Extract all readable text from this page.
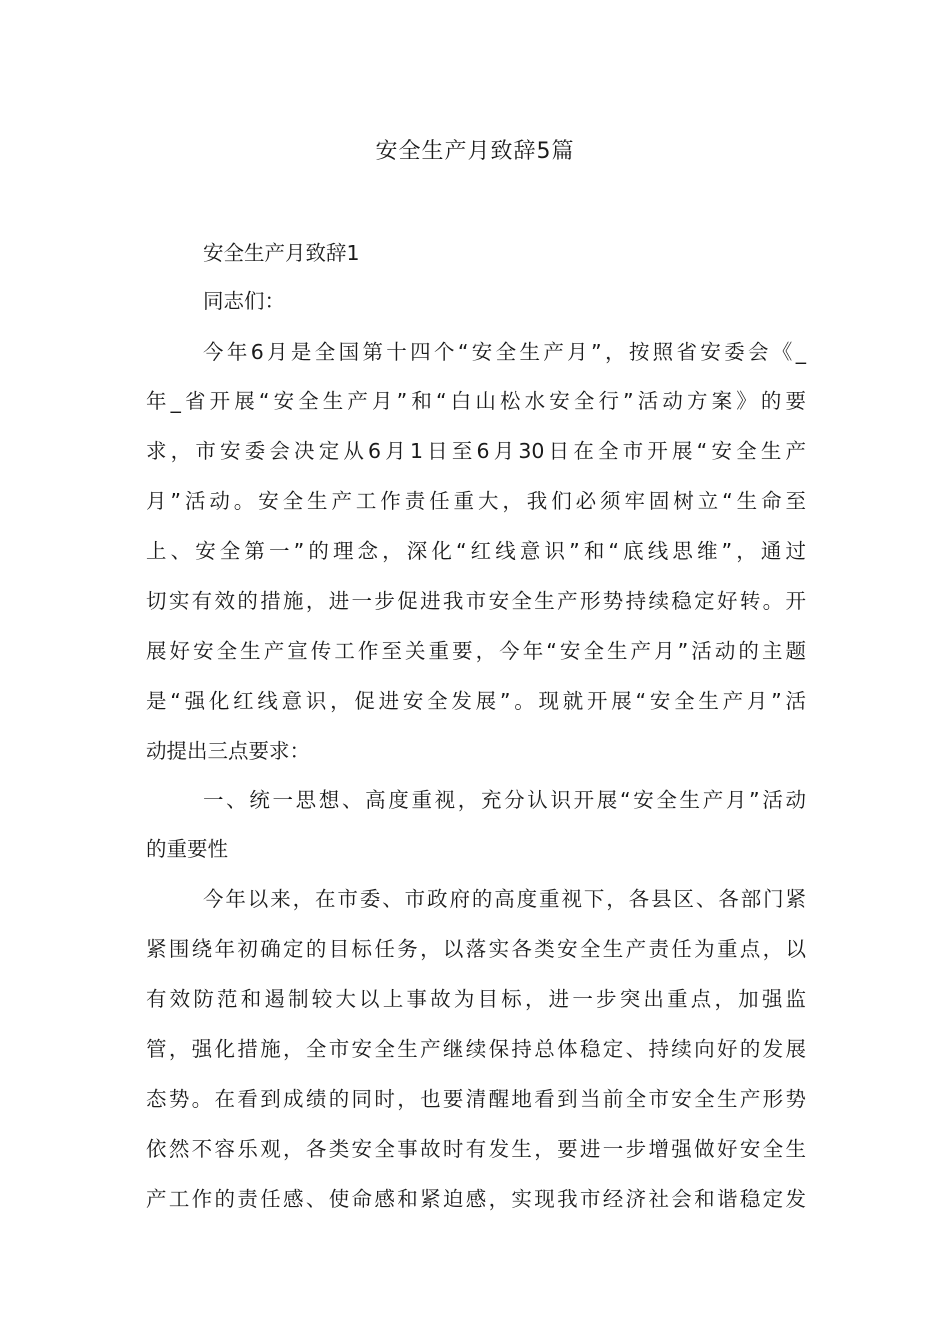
安全生产月致辞5篇
安全生产月致辞1
同志们：
今年6月是全国第十四个“安全生产月”，按照省安委会《_
年_省开展“安全生产月”和“白山松水安全行”活动方案》的要
求，市安委会决定从6月1日至6月30日在全市开展“安全生产
月”活动。安全生产工作责任重大，我们必须牢固树立“生命至
上、安全第一”的理念，深化“红线意识”和“底线思维”，通过
切实有效的措施，进一步促进我市安全生产形势持续稳定好转。开
展好安全生产宣传工作至关重要，今年“安全生产月”活动的主题
是“强化红线意识，促进安全发展”。现就开展“安全生产月”活
动提出三点要求：
一、统一思想、高度重视，充分认识开展“安全生产月”活动
的重要性
今年以来，在市委、市政府的高度重视下，各县区、各部门紧
紧围绕年初确定的目标任务，以落实各类安全生产责任为重点，以
有效防范和遏制较大以上事故为目标，进一步突出重点，加强监
管，强化措施，全市安全生产继续保持总体稳定、持续向好的发展
态势。在看到成绩的同时，也要清醒地看到当前全市安全生产形势
依然不容乐观，各类安全事故时有发生，要进一步增强做好安全生
产工作的责任感、使命感和紧迫感，实现我市经济社会和谐稳定发
